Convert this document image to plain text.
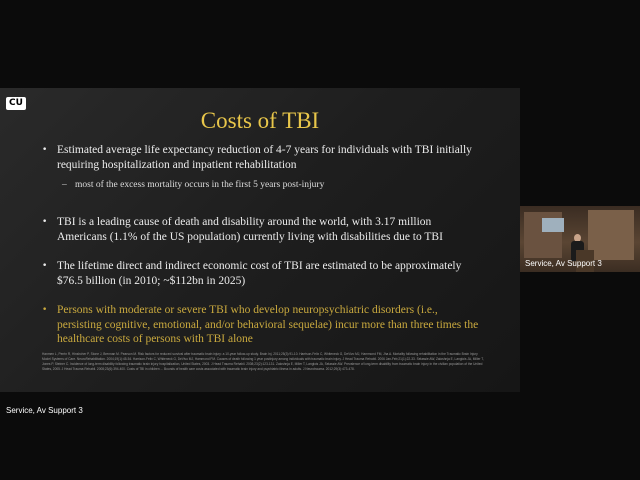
CU
Costs of TBI
• Estimated average life expectancy reduction of 4-7 years for individuals with TBI initially requiring hospitalization and inpatient rehabilitation
– most of the excess mortality occurs in the first 5 years post-injury
• TBI is a leading cause of death and disability around the world, with 3.17 million Americans (1.1% of the US population) currently living with disabilities due to TBI
• The lifetime direct and indirect economic cost of TBI are estimated to be approximately $76.5 billion (in 2010; ~$112bn in 2025)
• Persons with moderate or severe TBI who develop neuropsychiatric disorders (i.e., persisting cognitive, emotional, and/or behavioral sequelae) incur more than three times the healthcare costs of persons with TBI alone
Hanmen L, Perrin R, Hinshcher P, Stone J, Brennan M. Pearson M. Risk factors for reduced survival after traumatic brain injury: a 10-year follow-up study. Brain Inj. 2011;25(3):91-10. Harrison-Felix C, Whiteneck G, DeVivo MJ, Hammond FM, Jha A. Mortality following rehabilitation in the Traumatic Brain Injury Model Systems of Care. NeuroRehabilitation. 2004;19(1):45-54. Harrison-Felix C, Whiteneck G, DeVivo MJ, Hammond FM. Causes of death following 1 year postinjury among individuals with traumatic brain injury. J Head Trauma Rehabil. 2006 Jan-Feb;21(1):22-33. Selassie AW, Zaloshnja E, Langlois JA, Miller T, Jones P, Steiner C. Incidence of long-term disability following traumatic brain injury hospitalization, United States, 2003. J Head Trauma Rehabil. 2008;23(2):123-131. Zaloshnja E, Miller T, Langlois JA, Selassie AW. Prevalence of long-term disability from traumatic brain injury in the civilian population of the United States, 2005. J Head Trauma Rehabil. 2008;23(6):394-400. Costs of TBI in children ... Bounds of health care costs associated with traumatic brain injury and psychiatric illness in adults. J Neurotrauma. 2012;29(3):473-478.
Service, Av Support 3
Service, Av Support 3
